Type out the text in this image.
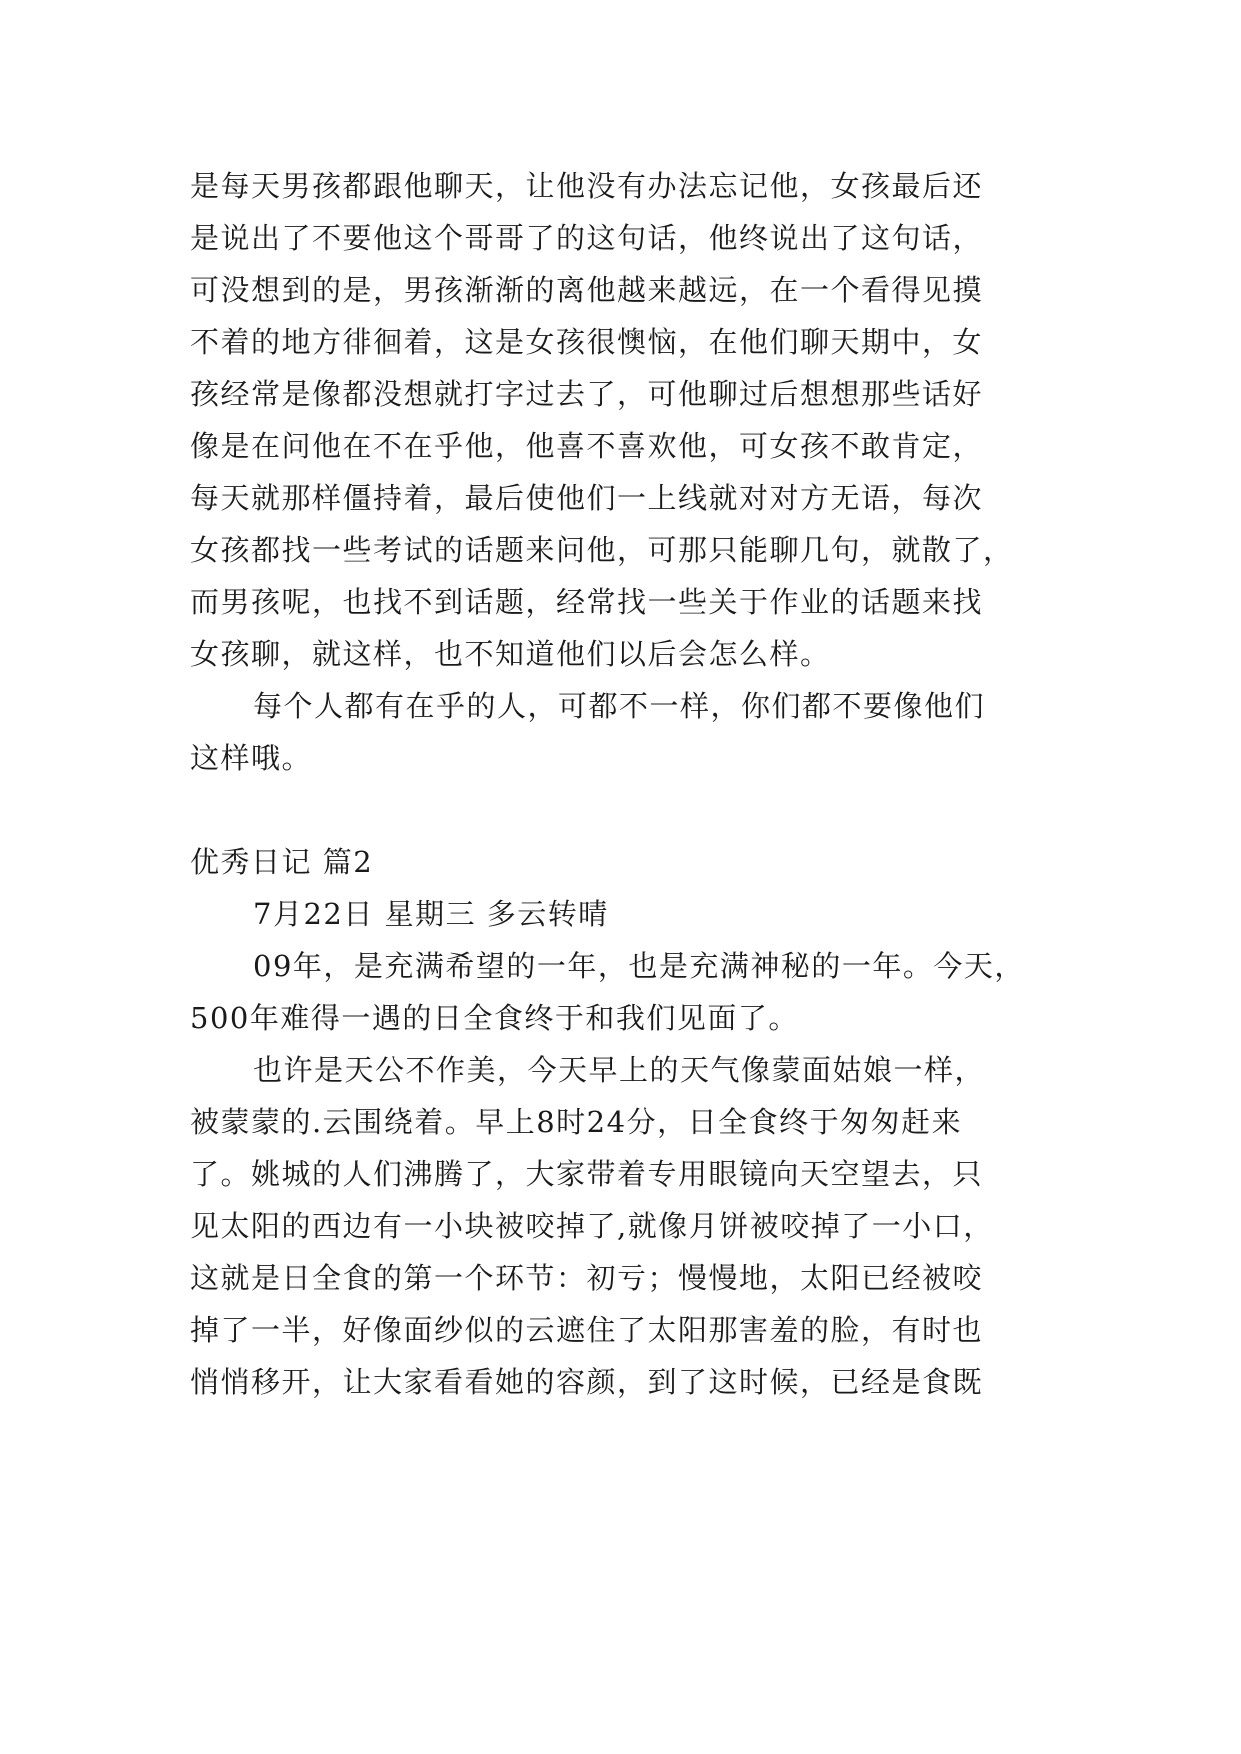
是每天男孩都跟他聊天，让他没有办法忘记他，女孩最后还

是说出了不要他这个哥哥了的这句话，他终说出了这句话，

可没想到的是，男孩渐渐的离他越来越远，在一个看得见摸

不着的地方徘徊着，这是女孩很懊恼，在他们聊天期中，女

孩经常是像都没想就打字过去了，可他聊过后想想那些话好

像是在问他在不在乎他，他喜不喜欢他，可女孩不敢肯定，

每天就那样僵持着，最后使他们一上线就对对方无语，每次

女孩都找一些考试的话题来问他，可那只能聊几句，就散了，

而男孩呢，也找不到话题，经常找一些关于作业的话题来找

女孩聊，就这样，也不知道他们以后会怎么样。

每个人都有在乎的人，可都不一样，你们都不要像他们

这样哦。

优秀日记 篇2

7月22日 星期三 多云转晴

09年，是充满希望的一年，也是充满神秘的一年。今天，

500年难得一遇的日全食终于和我们见面了。

也许是天公不作美，今天早上的天气像蒙面姑娘一样，

被蒙蒙的.云围绕着。早上8时24分，日全食终于匆匆赶来

了。姚城的人们沸腾了，大家带着专用眼镜向天空望去，只

见太阳的西边有一小块被咬掉了,就像月饼被咬掉了一小口，

这就是日全食的第一个环节：初亏；慢慢地，太阳已经被咬

掉了一半，好像面纱似的云遮住了太阳那害羞的脸，有时也

悄悄移开，让大家看看她的容颜，到了这时候，已经是食既
